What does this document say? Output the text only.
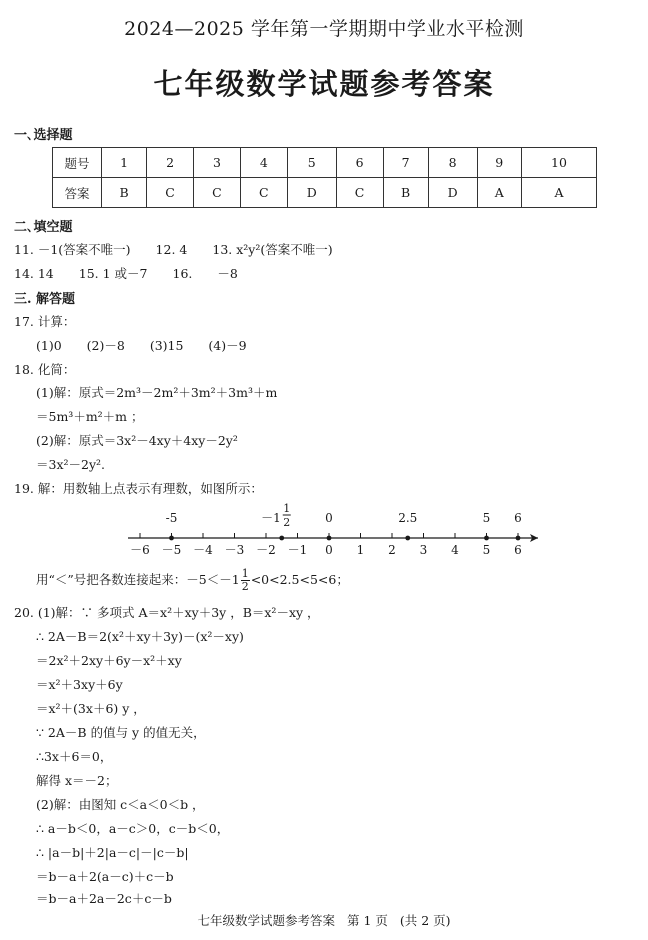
2024—2025 学年第一学期期中学业水平检测
七年级数学试题参考答案
一､选择题
题号	1	2	3	4	5	6	7	8	9	10
答案	B	C	C	C	D	C	B	D	A	A
二､填空题
11. －1(答案不唯一)　　12. 4　　13. x²y²(答案不唯一)
14. 14　　15. 1 或－7　　16.　　－8
三. 解答题
17. 计算：
(1)0　　(2)－8　　(3)15　　(4)－9
18. 化简：
(1)解：原式＝2m³－2m²＋3m²＋3m³＋m
＝5m³＋m²＋m ；
(2)解：原式＝3x²－4xy＋4xy－2y²
＝3x²－2y².
19. 解：用数轴上点表示有理数，如图所示：
－6 －5 －4 －3 －2 －1 0 1 2 3 4 5 6
-5	－1
1
2	0	2.5	5 6
用“＜”号把各数连接起来：$-5<-1 \frac{1}{2} <0<2.5<5<6$；
20. (1)解：∵ 多项式 A＝x²＋xy＋3y ，B＝x²－xy ，
∴ 2A－B＝2(x²＋xy＋3y)－(x²－xy)
＝2x²＋2xy＋6y－x²＋xy
＝x²＋3xy＋6y
＝x²＋(3x＋6) y ，
∵ 2A－B 的值与 y 的值无关，
∴3x＋6＝0，
解得 x＝－2；
(2)解：由图知 c＜a＜0＜b ，
∴ a－b＜0，a－c＞0，c－b＜0，
∴ |a－b|＋2|a－c|－|c－b|
＝b－a＋2(a－c)＋c－b
＝b－a＋2a－2c＋c－b
七年级数学试题参考答案 第 1 页 (共 2 页)
